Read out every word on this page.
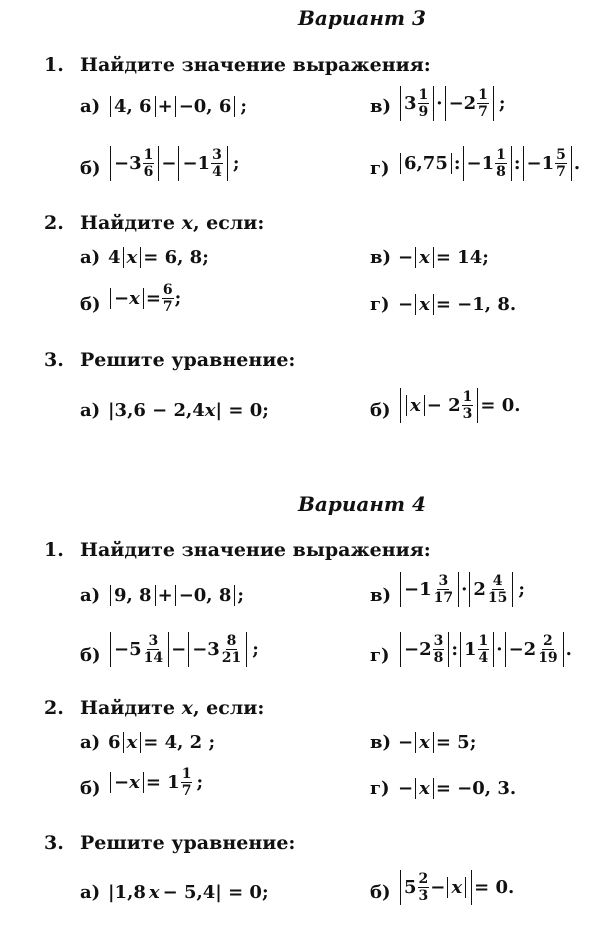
Вариант 3
1. Найдите значение выражения:
а) 4, 6 + −0, 6 ;	в) $3 \frac{1}{9} \cdot -2 \frac{1}{7}$ ;
$б) -3 \frac{1}{6} - -1 \frac{3}{4}$ ;	г) 6,75 : $-1 \frac{1}{8}$ : $-1 \frac{5}{7}$ .
2. Найдите x, если:
а) 4 x = 6, 8;	в) − x = 14;
$б) -x = \frac{6}{7}$ ;	г) − x = −1, 8.
3. Решите уравнение:
а) |3,6 − 2,4 x | = 0;	б) $x - 2 \frac{1}{3} = 0$.
Вариант 4
1. Найдите значение выражения:
а) 9, 8 + −0, 8 ;	$в) -1 \frac{3}{17} \cdot 2 \frac{4}{15}$ ;
$б) -5 \frac{3}{14} - -3 \frac{8}{21}$ ;	$г) -2 \frac{3}{8}$ : $1 \frac{1}{4} \cdot -2 \frac{2}{19}$ .
2. Найдите x, если:
а) 6 x = 4, 2 ;	в) − x = 5;
$б) -x = 1 \frac{1}{7}$ ;	г) − x = −0, 3.
3. Решите уравнение:
а) |1,8 x − 5,4| = 0;	б) $5 \frac{2}{3} - x = 0$.
